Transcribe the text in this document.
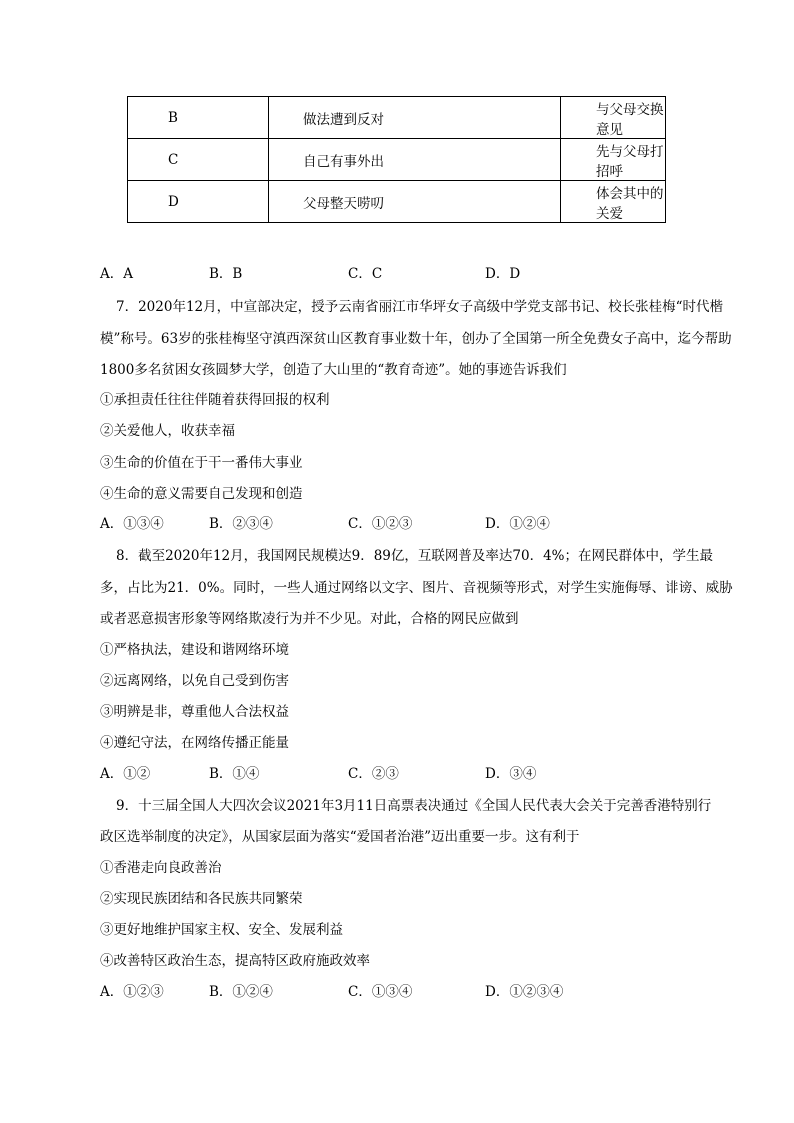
B	做法遭到反对	与父母交换意见
C	自己有事外出	先与父母打招呼
D	父母整天唠叨	体会其中的关爱
A．A	B．B	C．C	D．D
7．2020年12月，中宣部决定，授予云南省丽江市华坪女子高级中学党支部书记、校长张桂梅“时代楷
模”称号。63岁的张桂梅坚守滇西深贫山区教育事业数十年，创办了全国第一所全免费女子高中，迄今帮助
1800多名贫困女孩圆梦大学，创造了大山里的“教育奇迹”。她的事迹告诉我们
①承担责任往往伴随着获得回报的权利
②关爱他人，收获幸福
③生命的价值在于干一番伟大事业
④生命的意义需要自己发现和创造
A．①③④	B．②③④	C．①②③	D．①②④
8．截至2020年12月，我国网民规模达9．89亿，互联网普及率达70．4%；在网民群体中，学生最
多，占比为21．0%。同时，一些人通过网络以文字、图片、音视频等形式，对学生实施侮辱、诽谤、威胁
或者恶意损害形象等网络欺凌行为并不少见。对此，合格的网民应做到
①严格执法，建设和谐网络环境
②远离网络，以免自己受到伤害
③明辨是非，尊重他人合法权益
④遵纪守法，在网络传播正能量
A．①②	B．①④	C．②③	D．③④
9．十三届全国人大四次会议2021年3月11日高票表决通过《全国人民代表大会关于完善香港特别行
政区选举制度的决定》，从国家层面为落实“爱国者治港”迈出重要一步。这有利于
①香港走向良政善治
②实现民族团结和各民族共同繁荣
③更好地维护国家主权、安全、发展利益
④改善特区政治生态，提高特区政府施政效率
A．①②③	B．①②④	C．①③④	D．①②③④
